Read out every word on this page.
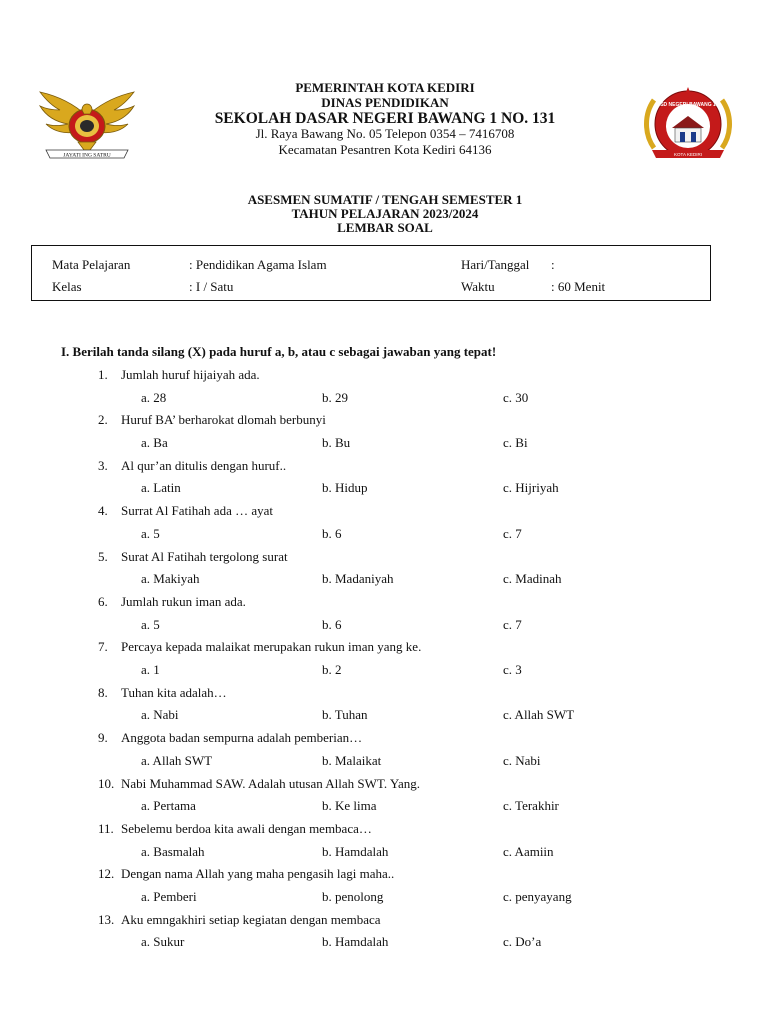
JAYATI ING SATRU
PEMERINTAH KOTA KEDIRI
DINAS PENDIDIKAN
SEKOLAH DASAR NEGERI BAWANG 1 NO. 131
Jl. Raya Bawang No. 05 Telepon 0354 – 7416708
Kecamatan Pesantren Kota Kediri 64136
SD NEGERI BAWANG 1
KOTA KEDIRI
ASESMEN SUMATIF / TENGAH SEMESTER 1
TAHUN PELAJARAN 2023/2024
LEMBAR SOAL
Mata Pelajaran	: Pendidikan Agama Islam	Hari/Tanggal :
Kelas	: I / Satu	Waktu	: 60 Menit
I. Berilah tanda silang (X) pada huruf a, b, atau c sebagai jawaban yang tepat!
1. Jumlah huruf hijaiyah ada.
a. 28	b. 29	c. 30
2. Huruf BA’ berharokat dlomah berbunyi
a. Ba	b. Bu	c. Bi
3. Al qur’an ditulis dengan huruf..
a. Latin	b. Hidup	c. Hijriyah
4. Surrat Al Fatihah ada … ayat
a. 5	b. 6	c. 7
5. Surat Al Fatihah tergolong surat
a. Makiyah	b. Madaniyah	c. Madinah
6. Jumlah rukun iman ada.
a. 5	b. 6	c. 7
7. Percaya kepada malaikat merupakan rukun iman yang ke.
a. 1	b. 2	c. 3
8. Tuhan kita adalah…
a. Nabi	b. Tuhan	c. Allah SWT
9. Anggota badan sempurna adalah pemberian…
a. Allah SWT	b. Malaikat	c. Nabi
10. Nabi Muhammad SAW. Adalah utusan Allah SWT. Yang.
a. Pertama	b. Ke lima	c. Terakhir
11. Sebelemu berdoa kita awali dengan membaca…
a. Basmalah	b. Hamdalah	c. Aamiin
12. Dengan nama Allah yang maha pengasih lagi maha..
a. Pemberi	b. penolong	c. penyayang
13. Aku emngakhiri setiap kegiatan dengan membaca
a. Sukur	b. Hamdalah	c. Do’a
